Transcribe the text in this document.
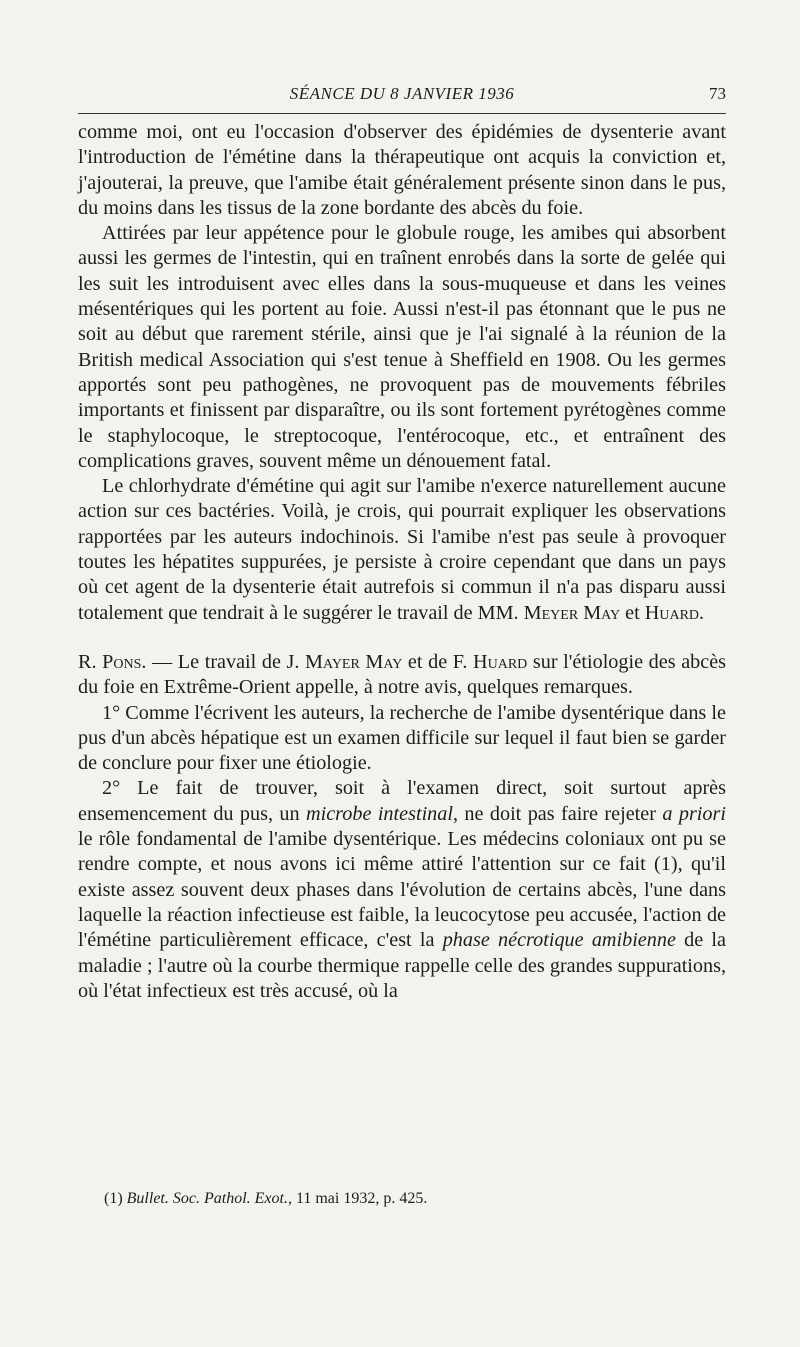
SÉANCE DU 8 JANVIER 1936	73

comme moi, ont eu l'occasion d'observer des épidémies de dysenterie avant l'introduction de l'émétine dans la thérapeutique ont acquis la conviction et, j'ajouterai, la preuve, que l'amibe était généralement présente sinon dans le pus, du moins dans les tissus de la zone bordante des abcès du foie.

Attirées par leur appétence pour le globule rouge, les amibes qui absorbent aussi les germes de l'intestin, qui en traînent enrobés dans la sorte de gelée qui les suit les introduisent avec elles dans la sous-muqueuse et dans les veines mésentériques qui les portent au foie. Aussi n'est-il pas étonnant que le pus ne soit au début que rarement stérile, ainsi que je l'ai signalé à la réunion de la British medical Association qui s'est tenue à Sheffield en 1908. Ou les germes apportés sont peu pathogènes, ne provoquent pas de mouvements fébriles importants et finissent par disparaître, ou ils sont fortement pyrétogènes comme le staphylocoque, le streptocoque, l'entérocoque, etc., et entraînent des complications graves, souvent même un dénouement fatal.

Le chlorhydrate d'émétine qui agit sur l'amibe n'exerce naturellement aucune action sur ces bactéries. Voilà, je crois, qui pourrait expliquer les observations rapportées par les auteurs indochinois. Si l'amibe n'est pas seule à provoquer toutes les hépatites suppurées, je persiste à croire cependant que dans un pays où cet agent de la dysenterie était autrefois si commun il n'a pas disparu aussi totalement que tendrait à le suggérer le travail de MM. Meyer May et Huard.

R. Pons. — Le travail de J. Mayer May et de F. Huard sur l'étiologie des abcès du foie en Extrême-Orient appelle, à notre avis, quelques remarques.

1° Comme l'écrivent les auteurs, la recherche de l'amibe dysentérique dans le pus d'un abcès hépatique est un examen difficile sur lequel il faut bien se garder de conclure pour fixer une étiologie.

2° Le fait de trouver, soit à l'examen direct, soit surtout après ensemencement du pus, un microbe intestinal, ne doit pas faire rejeter a priori le rôle fondamental de l'amibe dysentérique. Les médecins coloniaux ont pu se rendre compte, et nous avons ici même attiré l'attention sur ce fait (1), qu'il existe assez souvent deux phases dans l'évolution de certains abcès, l'une dans laquelle la réaction infectieuse est faible, la leucocytose peu accusée, l'action de l'émétine particulièrement efficace, c'est la phase nécrotique amibienne de la maladie ; l'autre où la courbe thermique rappelle celle des grandes suppurations, où l'état infectieux est très accusé, où la

(1) Bullet. Soc. Pathol. Exot., 11 mai 1932, p. 425.
